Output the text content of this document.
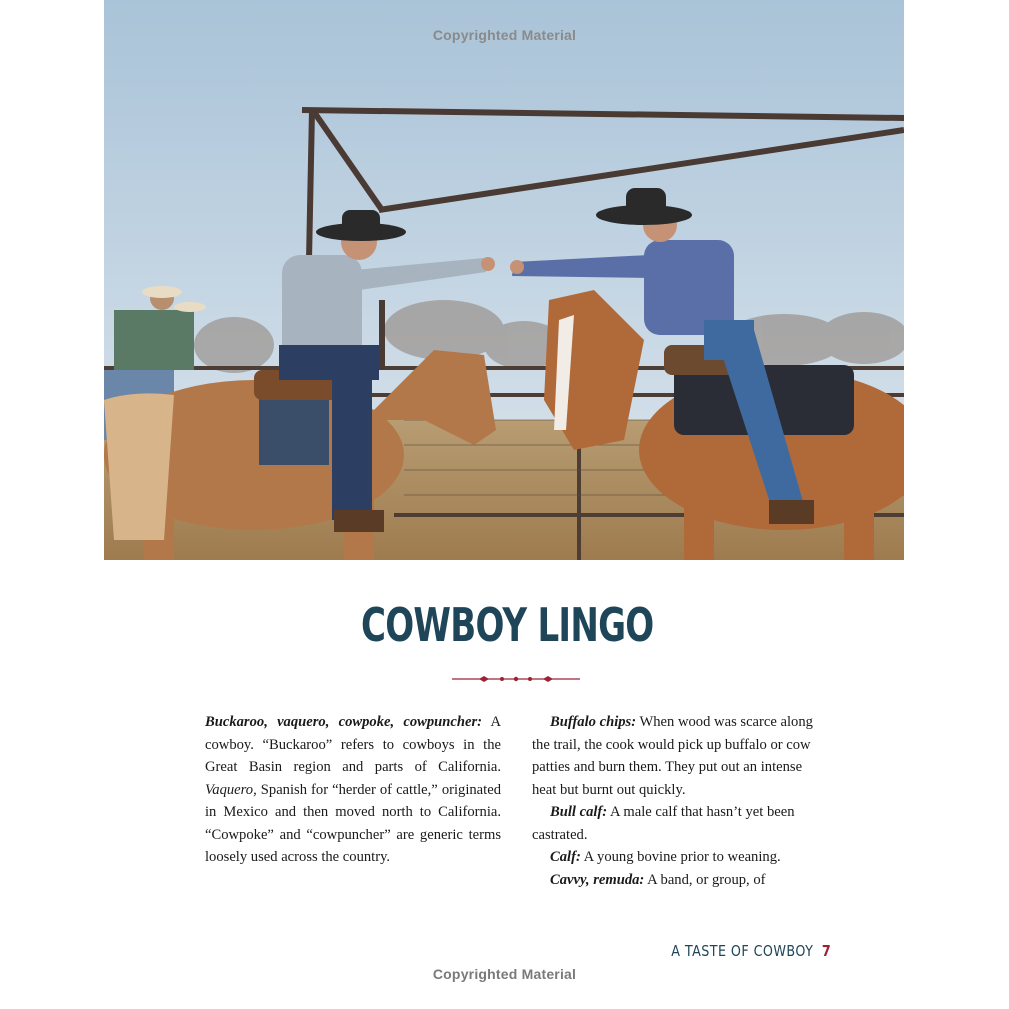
Copyrighted Material
COWBOY LINGO

Buckaroo, vaquero, cowpoke, cowpuncher: A cowboy. “Buckaroo” refers to cowboys in the Great Basin region and parts of California. Vaquero, Spanish for “herder of cattle,” originated in Mexico and then moved north to California. “Cowpoke” and “cowpuncher” are generic terms loosely used across the country.

Buffalo chips: When wood was scarce along the trail, the cook would pick up buffalo or cow patties and burn them. They put out an intense heat but burnt out quickly.

Bull calf: A male calf that hasn’t yet been castrated.

Calf: A young bovine prior to weaning.

Cavvy, remuda: A band, or group, of

A TASTE OF COWBOY 7
Copyrighted Material
